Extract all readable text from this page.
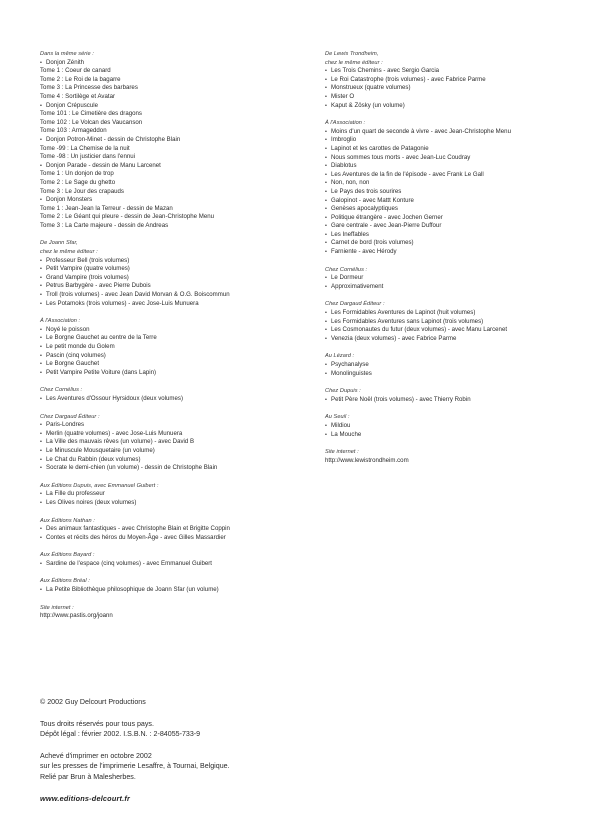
Dans la même série :
• Donjon Zénith
Tome 1 : Coeur de canard
Tome 2 : Le Roi de la bagarre
Tome 3 : La Princesse des barbares
Tome 4 : Sortilège et Avatar
• Donjon Crépuscule
Tome 101 : Le Cimetière des dragons
Tome 102 : Le Volcan des Vaucanson
Tome 103 : Armageddon
• Donjon Potron-Minet - dessin de Christophe Blain
Tome -99 : La Chemise de la nuit
Tome -98 : Un justicier dans l'ennui
• Donjon Parade - dessin de Manu Larcenet
Tome 1 : Un donjon de trop
Tome 2 : Le Sage du ghetto
Tome 3 : Le Jour des crapauds
• Donjon Monsters
Tome 1 : Jean-Jean la Terreur - dessin de Mazan
Tome 2 : Le Géant qui pleure - dessin de Jean-Christophe Menu
Tome 3 : La Carte majeure - dessin de Andreas
De Joann Sfar,
chez le même éditeur :
• Professeur Bell (trois volumes)
• Petit Vampire (quatre volumes)
• Grand Vampire (trois volumes)
• Petrus Barbygère - avec Pierre Dubois
• Troll (trois volumes) - avec Jean David Morvan & O.G. Boiscommun
• Les Potamoks (trois volumes) - avec Jose-Luis Munuera
À l'Association :
• Noyé le poisson
• Le Borgne Gauchet au centre de la Terre
• Le petit monde du Golem
• Pascin (cinq volumes)
• Le Borgne Gauchet
• Petit Vampire Petite Voiture (dans Lapin)
Chez Cornélius :
• Les Aventures d'Ossour Hyrsidoux (deux volumes)
Chez Dargaud Éditeur :
• Paris-Londres
• Merlin (quatre volumes) - avec Jose-Luis Munuera
• La Ville des mauvais rêves (un volume) - avec David B
• Le Minuscule Mousquetaire (un volume)
• Le Chat du Rabbin (deux volumes)
• Socrate le demi-chien (un volume) - dessin de Christophe Blain
Aux Éditions Dupuis, avec Emmanuel Guibert :
• La Fille du professeur
• Les Olives noires (deux volumes)
Aux Éditions Nathan :
• Des animaux fantastiques - avec Christophe Blain et Brigitte Coppin
• Contes et récits des héros du Moyen-Âge - avec Gilles Massardier
Aux Éditions Bayard :
• Sardine de l'espace (cinq volumes) - avec Emmanuel Guibert
Aux Éditions Bréal :
• La Petite Bibliothèque philosophique de Joann Sfar (un volume)
Site internet :
http://www.pastis.org/joann
De Lewis Trondheim,
chez le même éditeur :
• Les Trois Chemins - avec Sergio Garcia
• Le Roi Catastrophe (trois volumes) - avec Fabrice Parme
• Monstrueux (quatre volumes)
• Mister O
• Kaput & Zösky (un volume)
À l'Association :
• Moins d'un quart de seconde à vivre - avec Jean-Christophe Menu
• Imbroglio
• Lapinot et les carottes de Patagonie
• Nous sommes tous morts - avec Jean-Luc Coudray
• Diablotus
• Les Aventures de la fin de l'épisode - avec Frank Le Gall
• Non, non, non
• Le Pays des trois sourires
• Galopinot - avec Mattt Konture
• Genèses apocalyptiques
• Politique étrangère - avec Jochen Gerner
• Gare centrale - avec Jean-Pierre Duffour
• Les Ineffables
• Carnet de bord (trois volumes)
• Farniente - avec Hérody
Chez Cornélius :
• Le Dormeur
• Approximativement
Chez Dargaud Éditeur :
• Les Formidables Aventures de Lapinot (huit volumes)
• Les Formidables Aventures sans Lapinot (trois volumes)
• Les Cosmonautes du futur (deux volumes) - avec Manu Larcenet
• Venezia (deux volumes) - avec Fabrice Parme
Au Lézard :
• Psychanalyse
• Monolinguistes
Chez Dupuis :
• Petit Père Noël (trois volumes) - avec Thierry Robin
Au Seuil :
• Mildiou
• La Mouche
Site internet :
http://www.lewistrondheim.com
© 2002 Guy Delcourt Productions
Tous droits réservés pour tous pays.
Dépôt légal : février 2002. I.S.B.N. : 2-84055-733-9
Achevé d'imprimer en octobre 2002
sur les presses de l'imprimerie Lesaffre, à Tournai, Belgique.
Relié par Brun à Malesherbes.
www.editions-delcourt.fr
